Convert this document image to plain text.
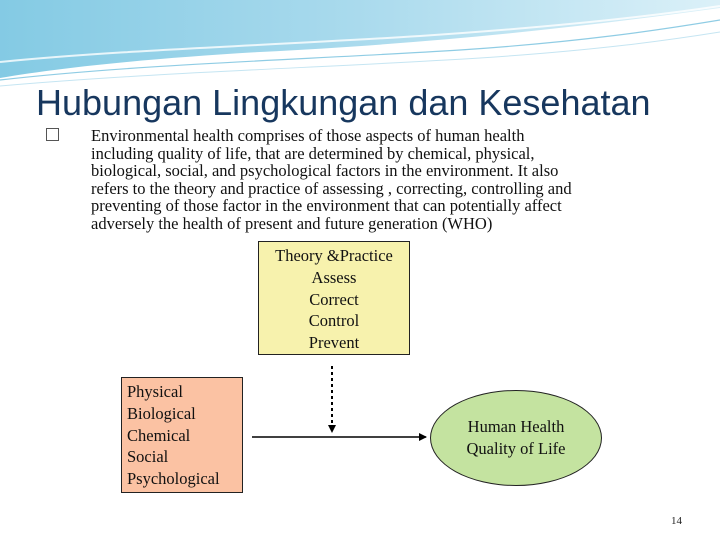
Hubungan Lingkungan dan Kesehatan
Environmental health comprises of those aspects of human health
including quality of life, that are determined by chemical, physical,
biological, social, and psychological factors in the environment. It also
refers to the theory and practice of assessing , correcting, controlling and
preventing of those factor in the environment that can potentially affect
adversely the health of present and future generation (WHO)
Theory &Practice
Assess
Correct
Control
Prevent
Physical
Biological
Chemical
Social
Psychological
Human Health
Quality of Life
14
